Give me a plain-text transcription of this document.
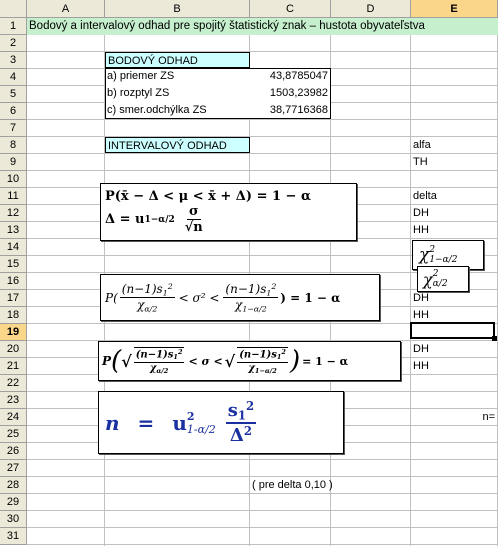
A	B	C	D	E
1
2
3
4
5
6
7
8
9
10
11
12
13
14
15
16
17
18
19
20
21
22
23
24
25
26
27
28
29
30
31
Bodový a intervalový odhad pre spojitý štatistický znak – hustota obyvateľstva
BODOVÝ ODHAD
a) priemer ZS	43,8785047
b) rozptyl ZS	1503,23982
c) smer.odchýlka ZS	38,7716368
INTERVALOVÝ ODHAD	alfa
TH
delta
DH
HH
DH
HH
DH
HH
n=
( pre delta 0,10 )
P(x̄ − Δ < μ < x̄ + Δ) = 1 − α
Δ = u $1-\alpha/2 \frac{\sigma}{√n}$
$P( \frac{(n-1)s_1^2}{\chi_{\alpha/2}} < \sigma^2 < \frac{(n-1)s_1^2}{\chi_{1-\alpha/2}}$ ) = 1 − α
P ( √ $\frac{(n-1)s_1^2}{\chi_{\alpha/2}} < \sigma$ < √ $\frac{(n-1)s_1^2}{\chi_{1-\alpha/2}}$ ) = 1 − α
n = u 2
$1-\alpha/2 \frac{s_1^2}{\Delta^2}$
χ 2
1−α/2
χ 2
α/2
